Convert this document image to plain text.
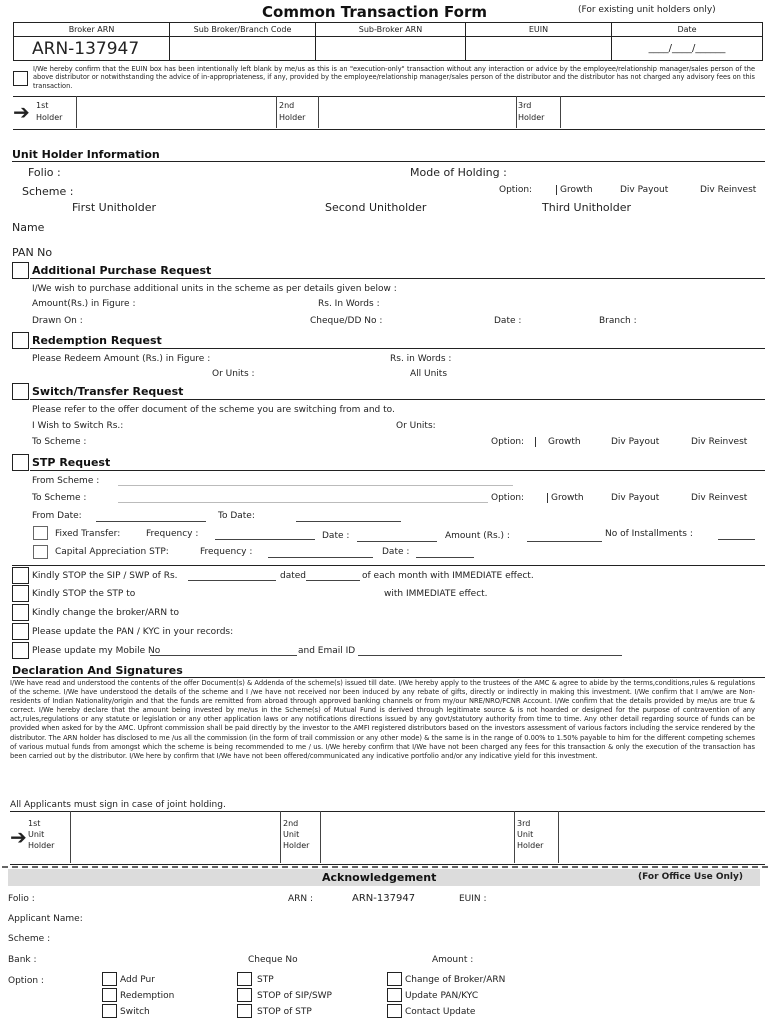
Common Transaction Form	(For existing unit holders only)
Broker ARN	Sub Broker/Branch Code	Sub-Broker ARN	EUIN	Date
ARN-137947				____/____/______
I/We hereby confirm that the EUIN box has been intentionally left blank by me/us as this is an "execution-only" transaction without any interaction or advice by the employee/relationship manager/sales person of the above distributor or notwithstanding the advice of in-appropriateness, if any, provided by the employee/relationship manager/sales person of the distributor and the distributor has not charged any advisory fees on this transaction.
➔ 1st
Holder
2nd
Holder
3rd
Holder
Unit Holder Information
Folio :	Mode of Holding :
Scheme :	Option:	Growth	Div Payout	Div Reinvest
First Unitholder	Second Unitholder	Third Unitholder
Name
PAN No
Additional Purchase Request
I/We wish to purchase additional units in the scheme as per details given below :
Amount(Rs.) in Figure :	Rs. In Words :
Drawn On :	Cheque/DD No :	Date :	Branch :
Redemption Request
Please Redeem Amount (Rs.) in Figure :	Rs. in Words :
Or Units :	All Units
Switch/Transfer Request
Please refer to the offer document of the scheme you are switching from and to.
I Wish to Switch Rs.:	Or Units:
To Scheme :	Option:	Growth	Div Payout	Div Reinvest
STP Request
From Scheme :
To Scheme :	Option:	Growth	Div Payout	Div Reinvest
From Date:	To Date:
Fixed Transfer:	Frequency :	Date :	Amount (Rs.) :	No of Installments :
Capital Appreciation STP:	Frequency :	Date :
Kindly STOP the SIP / SWP of Rs.	dated	of each month with IMMEDIATE effect.
Kindly STOP the STP to	with IMMEDIATE effect.
Kindly change the broker/ARN to
Please update the PAN / KYC in your records:
Please update my Mobile No	and Email ID
Declaration And Signatures
I/We have read and understood the contents of the offer Document(s) & Addenda of the scheme(s) issued till date. I/We hereby apply to the trustees of the AMC & agree to abide by the terms,conditions,rules & regulations of the scheme. I/We have understood the details of the scheme and I /we have not received nor been induced by any rebate of gifts, directly or indirectly in making this investment. I/We confirm that I am/we are Non-residents of Indian Nationality/origin and that the funds are remitted from abroad through approved banking channels or from my/our NRE/NRO/FCNR Account. I/We confirm that the details provided by me/us are true & correct. I/We hereby declare that the amount being invested by me/us in the Scheme(s) of Mutual Fund is derived through legitimate source & is not hoarded or designed for the purpose of contravention of any act,rules,regulations or any statute or legislation or any other application laws or any notifications directions issued by any govt/statutory authority from time to time. Any other detail regarding source of funds can be provided when asked for by the AMC. Upfront commission shall be paid directly by the investor to the AMFI registered distributors based on the investors assessment of various factors including the service rendered by the distributor. The ARN holder has disclosed to me /us all the commission (in the form of trail commission or any other mode) & the same is in the range of 0.00% to 1.50% payable to him for the different competing schemes of various mutual funds from amongst which the scheme is being recommended to me / us. I/We hereby confirm that I/We have not been charged any fees for this transaction & only the execution of the transaction has been carried out by the distributor. I/We here by confirm that I/We have not been offered/communicated any indicative portfolio and/or any indicative yield for this investment.
All Applicants must sign in case of joint holding.
➔
1st
Unit
Holder
2nd
Unit
Holder
3rd
Unit
Holder
Acknowledgement	(For Office Use Only)
Folio :	ARN :	ARN-137947	EUIN :
Applicant Name:
Scheme :
Bank :	Cheque No	Amount :
Option :	Add Pur
Redemption
Switch
STP
STOP of SIP/SWP
STOP of STP
Change of Broker/ARN
Update PAN/KYC
Contact Update
